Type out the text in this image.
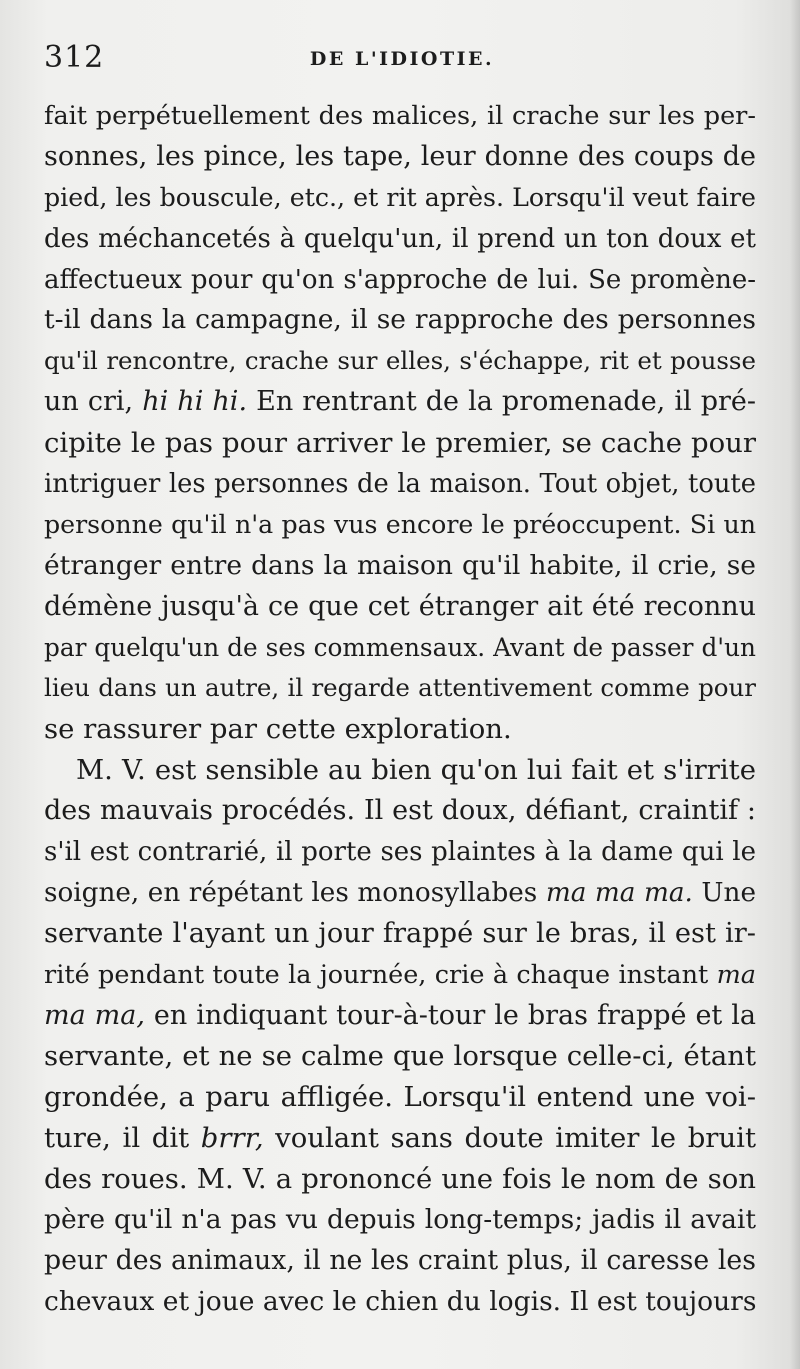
312	DE L'IDIOTIE.
fait perpétuellement des malices, il crache sur les per-
sonnes, les pince, les tape, leur donne des coups de
pied, les bouscule, etc., et rit après. Lorsqu'il veut faire
des méchancetés à quelqu'un, il prend un ton doux et
affectueux pour qu'on s'approche de lui. Se promène-
t-il dans la campagne, il se rapproche des personnes
qu'il rencontre, crache sur elles, s'échappe, rit et pousse
un cri, hi hi hi. En rentrant de la promenade, il pré-
cipite le pas pour arriver le premier, se cache pour
intriguer les personnes de la maison. Tout objet, toute
personne qu'il n'a pas vus encore le préoccupent. Si un
étranger entre dans la maison qu'il habite, il crie, se
démène jusqu'à ce que cet étranger ait été reconnu
par quelqu'un de ses commensaux. Avant de passer d'un
lieu dans un autre, il regarde attentivement comme pour
se rassurer par cette exploration.
M. V. est sensible au bien qu'on lui fait et s'irrite
des mauvais procédés. Il est doux, défiant, craintif :
s'il est contrarié, il porte ses plaintes à la dame qui le
soigne, en répétant les monosyllabes ma ma ma. Une
servante l'ayant un jour frappé sur le bras, il est ir-
rité pendant toute la journée, crie à chaque instant ma
ma ma, en indiquant tour-à-tour le bras frappé et la
servante, et ne se calme que lorsque celle-ci, étant
grondée, a paru affligée. Lorsqu'il entend une voi-
ture, il dit brrr, voulant sans doute imiter le bruit
des roues. M. V. a prononcé une fois le nom de son
père qu'il n'a pas vu depuis long-temps; jadis il avait
peur des animaux, il ne les craint plus, il caresse les
chevaux et joue avec le chien du logis. Il est toujours
